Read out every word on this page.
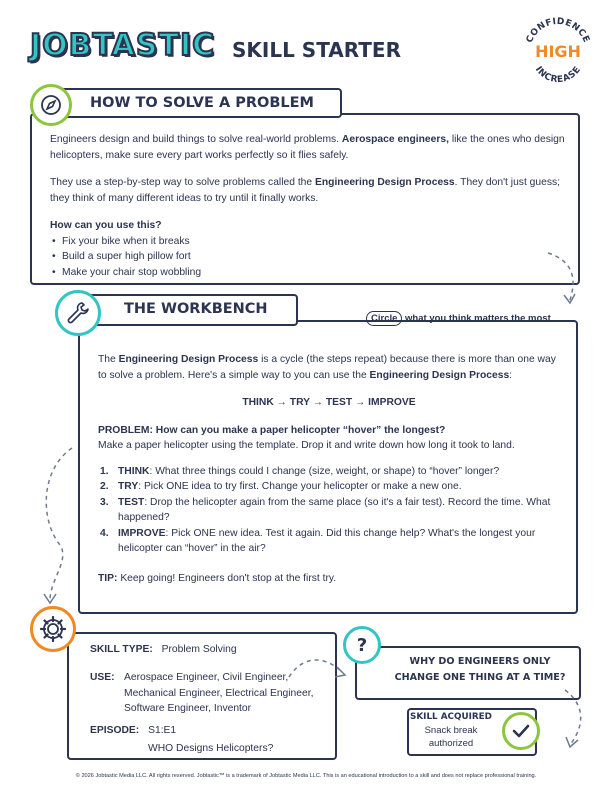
JOBTASTIC SKILL STARTER	CONFIDENCE
HIGH
INCREASE
HOW TO SOLVE A PROBLEM

Engineers design and build things to solve real-world problems. Aerospace engineers, like the ones who design helicopters, make sure every part works perfectly so it flies safely.

They use a step-by-step way to solve problems called the Engineering Design Process. They don't just guess; they think of many different ideas to try until it finally works.

How can you use this?

• Fix your bike when it breaks
• Build a super high pillow fort
• Make your chair stop wobbling
THE WORKBENCH
Circle what you think matters the most

The Engineering Design Process is a cycle (the steps repeat) because there is more than one way to solve a problem. Here's a simple way to you can use the Engineering Design Process:

THINK → TRY → TEST → IMPROVE

PROBLEM: How can you make a paper helicopter “hover” the longest?

Make a paper helicopter using the template. Drop it and write down how long it took to land.

1. THINK: What three things could I change (size, weight, or shape) to “hover” longer?
2. TRY: Pick ONE idea to try first. Change your helicopter or make a new one.
3. TEST: Drop the helicopter again from the same place (so it's a fair test). Record the time. What happened?
4. IMPROVE: Pick ONE new idea. Test it again. Did this change help? What's the longest your helicopter can “hover” in the air?

TIP: Keep going! Engineers don't stop at the first try.

SKILL TYPE: Problem Solving
USE: Aerospace Engineer, Civil Engineer, Mechanical Engineer, Electrical Engineer, Software Engineer, Inventor
EPISODE: S1:E1
WHO Designs Helicopters?
?
WHY DO ENGINEERS ONLY
CHANGE ONE THING AT A TIME?
SKILL ACQUIRED
Snack break
authorized
© 2026 Jobtastic Media LLC. All rights reserved. Jobtastic™ is a trademark of Jobtastic Media LLC. This is an educational introduction to a skill and does not replace professional training.
